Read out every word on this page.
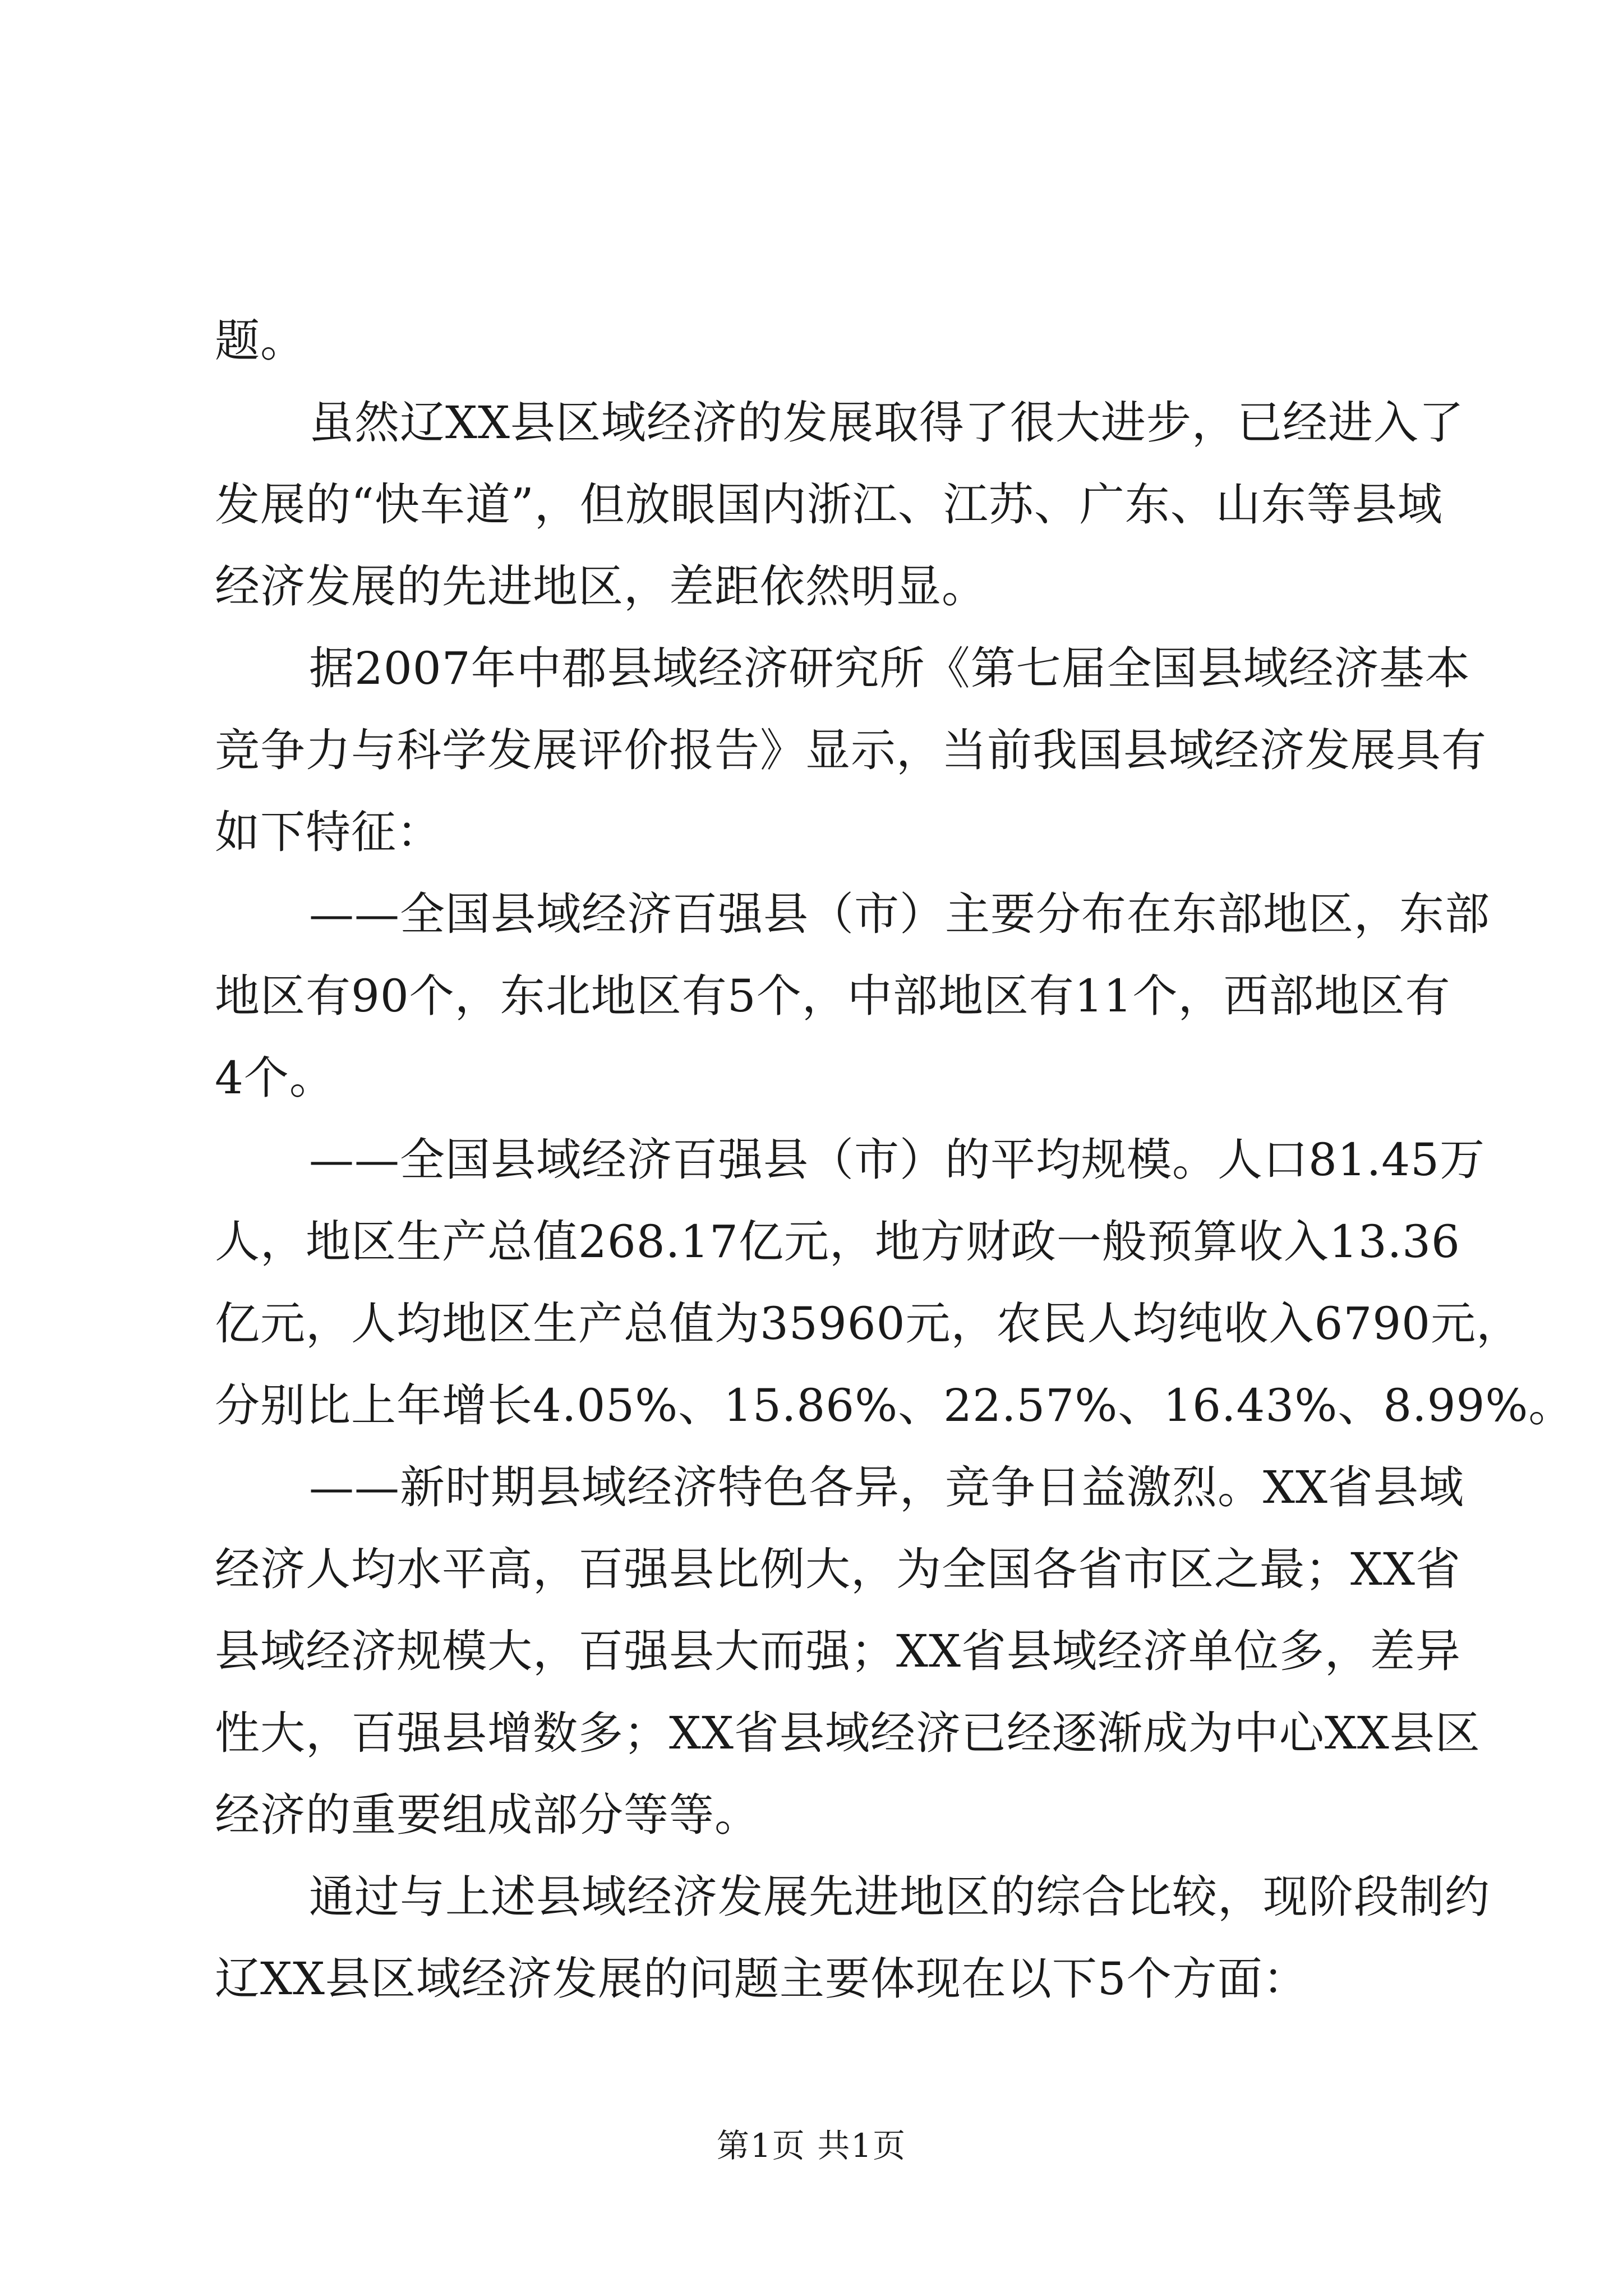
题。
虽然辽XX县区域经济的发展取得了很大进步，已经进入了
发展的“快车道”，但放眼国内浙江、江苏、广东、山东等县域
经济发展的先进地区，差距依然明显。
据2007年中郡县域经济研究所《第七届全国县域经济基本
竞争力与科学发展评价报告》显示，当前我国县域经济发展具有
如下特征：
——全国县域经济百强县（市）主要分布在东部地区，东部
地区有90个，东北地区有5个，中部地区有11个，西部地区有
4个。
——全国县域经济百强县（市）的平均规模。人口81.45万
人，地区生产总值268.17亿元，地方财政一般预算收入13.36
亿元，人均地区生产总值为35960元，农民人均纯收入6790元，
分别比上年增长4.05%、15.86%、22.57%、16.43%、8.99%。
——新时期县域经济特色各异，竞争日益激烈。XX省县域
经济人均水平高，百强县比例大，为全国各省市区之最；XX省
县域经济规模大，百强县大而强；XX省县域经济单位多，差异
性大，百强县增数多；XX省县域经济已经逐渐成为中心XX县区
经济的重要组成部分等等。
通过与上述县域经济发展先进地区的综合比较，现阶段制约
辽XX县区域经济发展的问题主要体现在以下5个方面：
第1页 共1页
